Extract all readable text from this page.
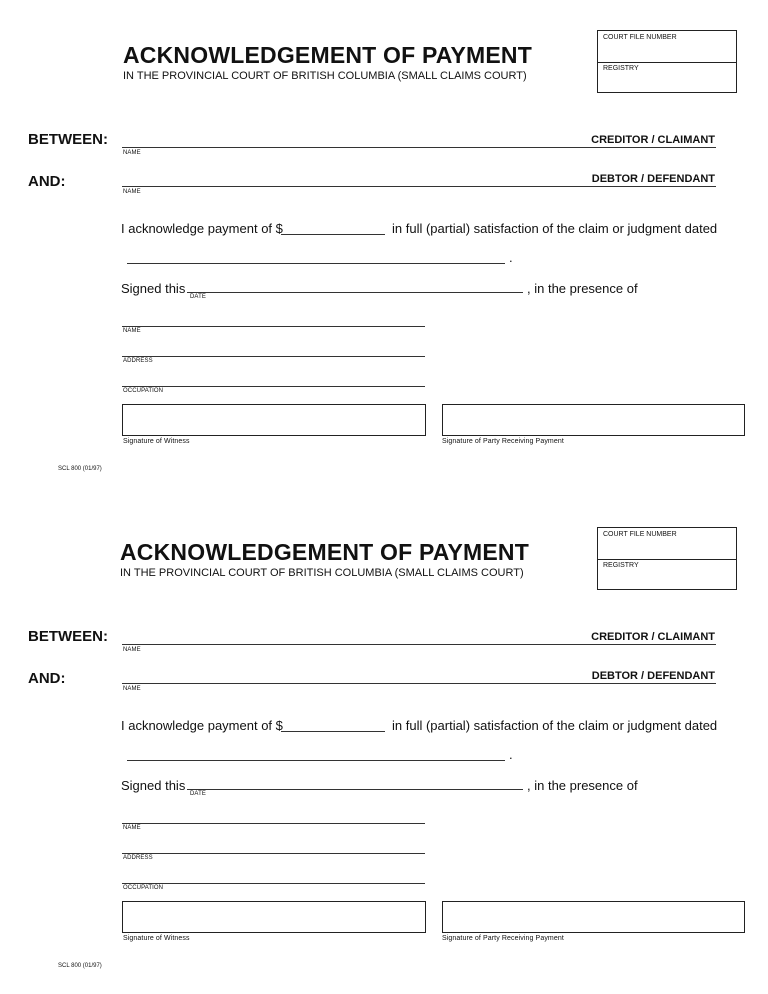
ACKNOWLEDGEMENT OF PAYMENT
IN THE PROVINCIAL COURT OF BRITISH COLUMBIA (SMALL CLAIMS COURT)
COURT FILE NUMBER
REGISTRY
BETWEEN:	CREDITOR / CLAIMANT
NAME
AND:	DEBTOR / DEFENDANT
NAME
I acknowledge payment of $	in full (partial) satisfaction of the claim or judgment dated
.
Signed this
DATE
, in the presence of
NAME
ADDRESS
OCCUPATION
Signature of Witness	Signature of Party Receiving Payment
SCL 800 (01/97)
ACKNOWLEDGEMENT OF PAYMENT
IN THE PROVINCIAL COURT OF BRITISH COLUMBIA (SMALL CLAIMS COURT)
COURT FILE NUMBER
REGISTRY
BETWEEN:	CREDITOR / CLAIMANT
NAME
AND:	DEBTOR / DEFENDANT
NAME
I acknowledge payment of $	in full (partial) satisfaction of the claim or judgment dated
.
Signed this
DATE
, in the presence of
NAME
ADDRESS
OCCUPATION
Signature of Witness	Signature of Party Receiving Payment
SCL 800 (01/97)
